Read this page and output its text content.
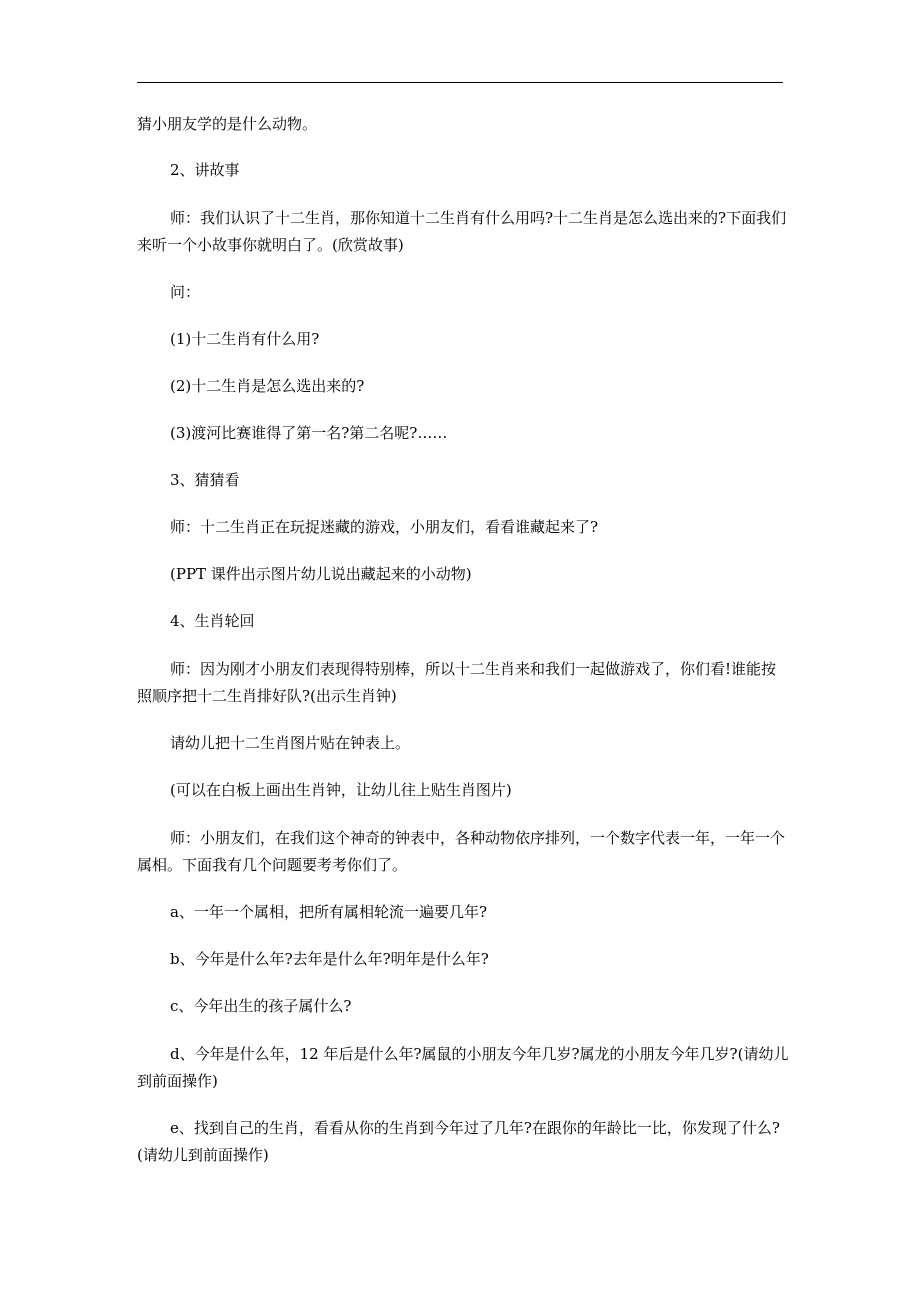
猜小朋友学的是什么动物。

2、讲故事

师：我们认识了十二生肖，那你知道十二生肖有什么用吗?十二生肖是怎么选出来的?下面我们来听一个小故事你就明白了。(欣赏故事)

问：

(1)十二生肖有什么用?

(2)十二生肖是怎么选出来的?

(3)渡河比赛谁得了第一名?第二名呢?……

3、猜猜看

师：十二生肖正在玩捉迷藏的游戏，小朋友们，看看谁藏起来了?

(PPT 课件出示图片幼儿说出藏起来的小动物)

4、生肖轮回

师：因为刚才小朋友们表现得特别棒，所以十二生肖来和我们一起做游戏了，你们看!谁能按照顺序把十二生肖排好队?(出示生肖钟)

请幼儿把十二生肖图片贴在钟表上。

(可以在白板上画出生肖钟，让幼儿往上贴生肖图片)

师：小朋友们，在我们这个神奇的钟表中，各种动物依序排列，一个数字代表一年，一年一个属相。下面我有几个问题要考考你们了。

a、一年一个属相，把所有属相轮流一遍要几年?

b、今年是什么年?去年是什么年?明年是什么年?

c、今年出生的孩子属什么?

d、今年是什么年，12 年后是什么年?属鼠的小朋友今年几岁?属龙的小朋友今年几岁?(请幼儿到前面操作)

e、找到自己的生肖，看看从你的生肖到今年过了几年?在跟你的年龄比一比，你发现了什么?(请幼儿到前面操作)
